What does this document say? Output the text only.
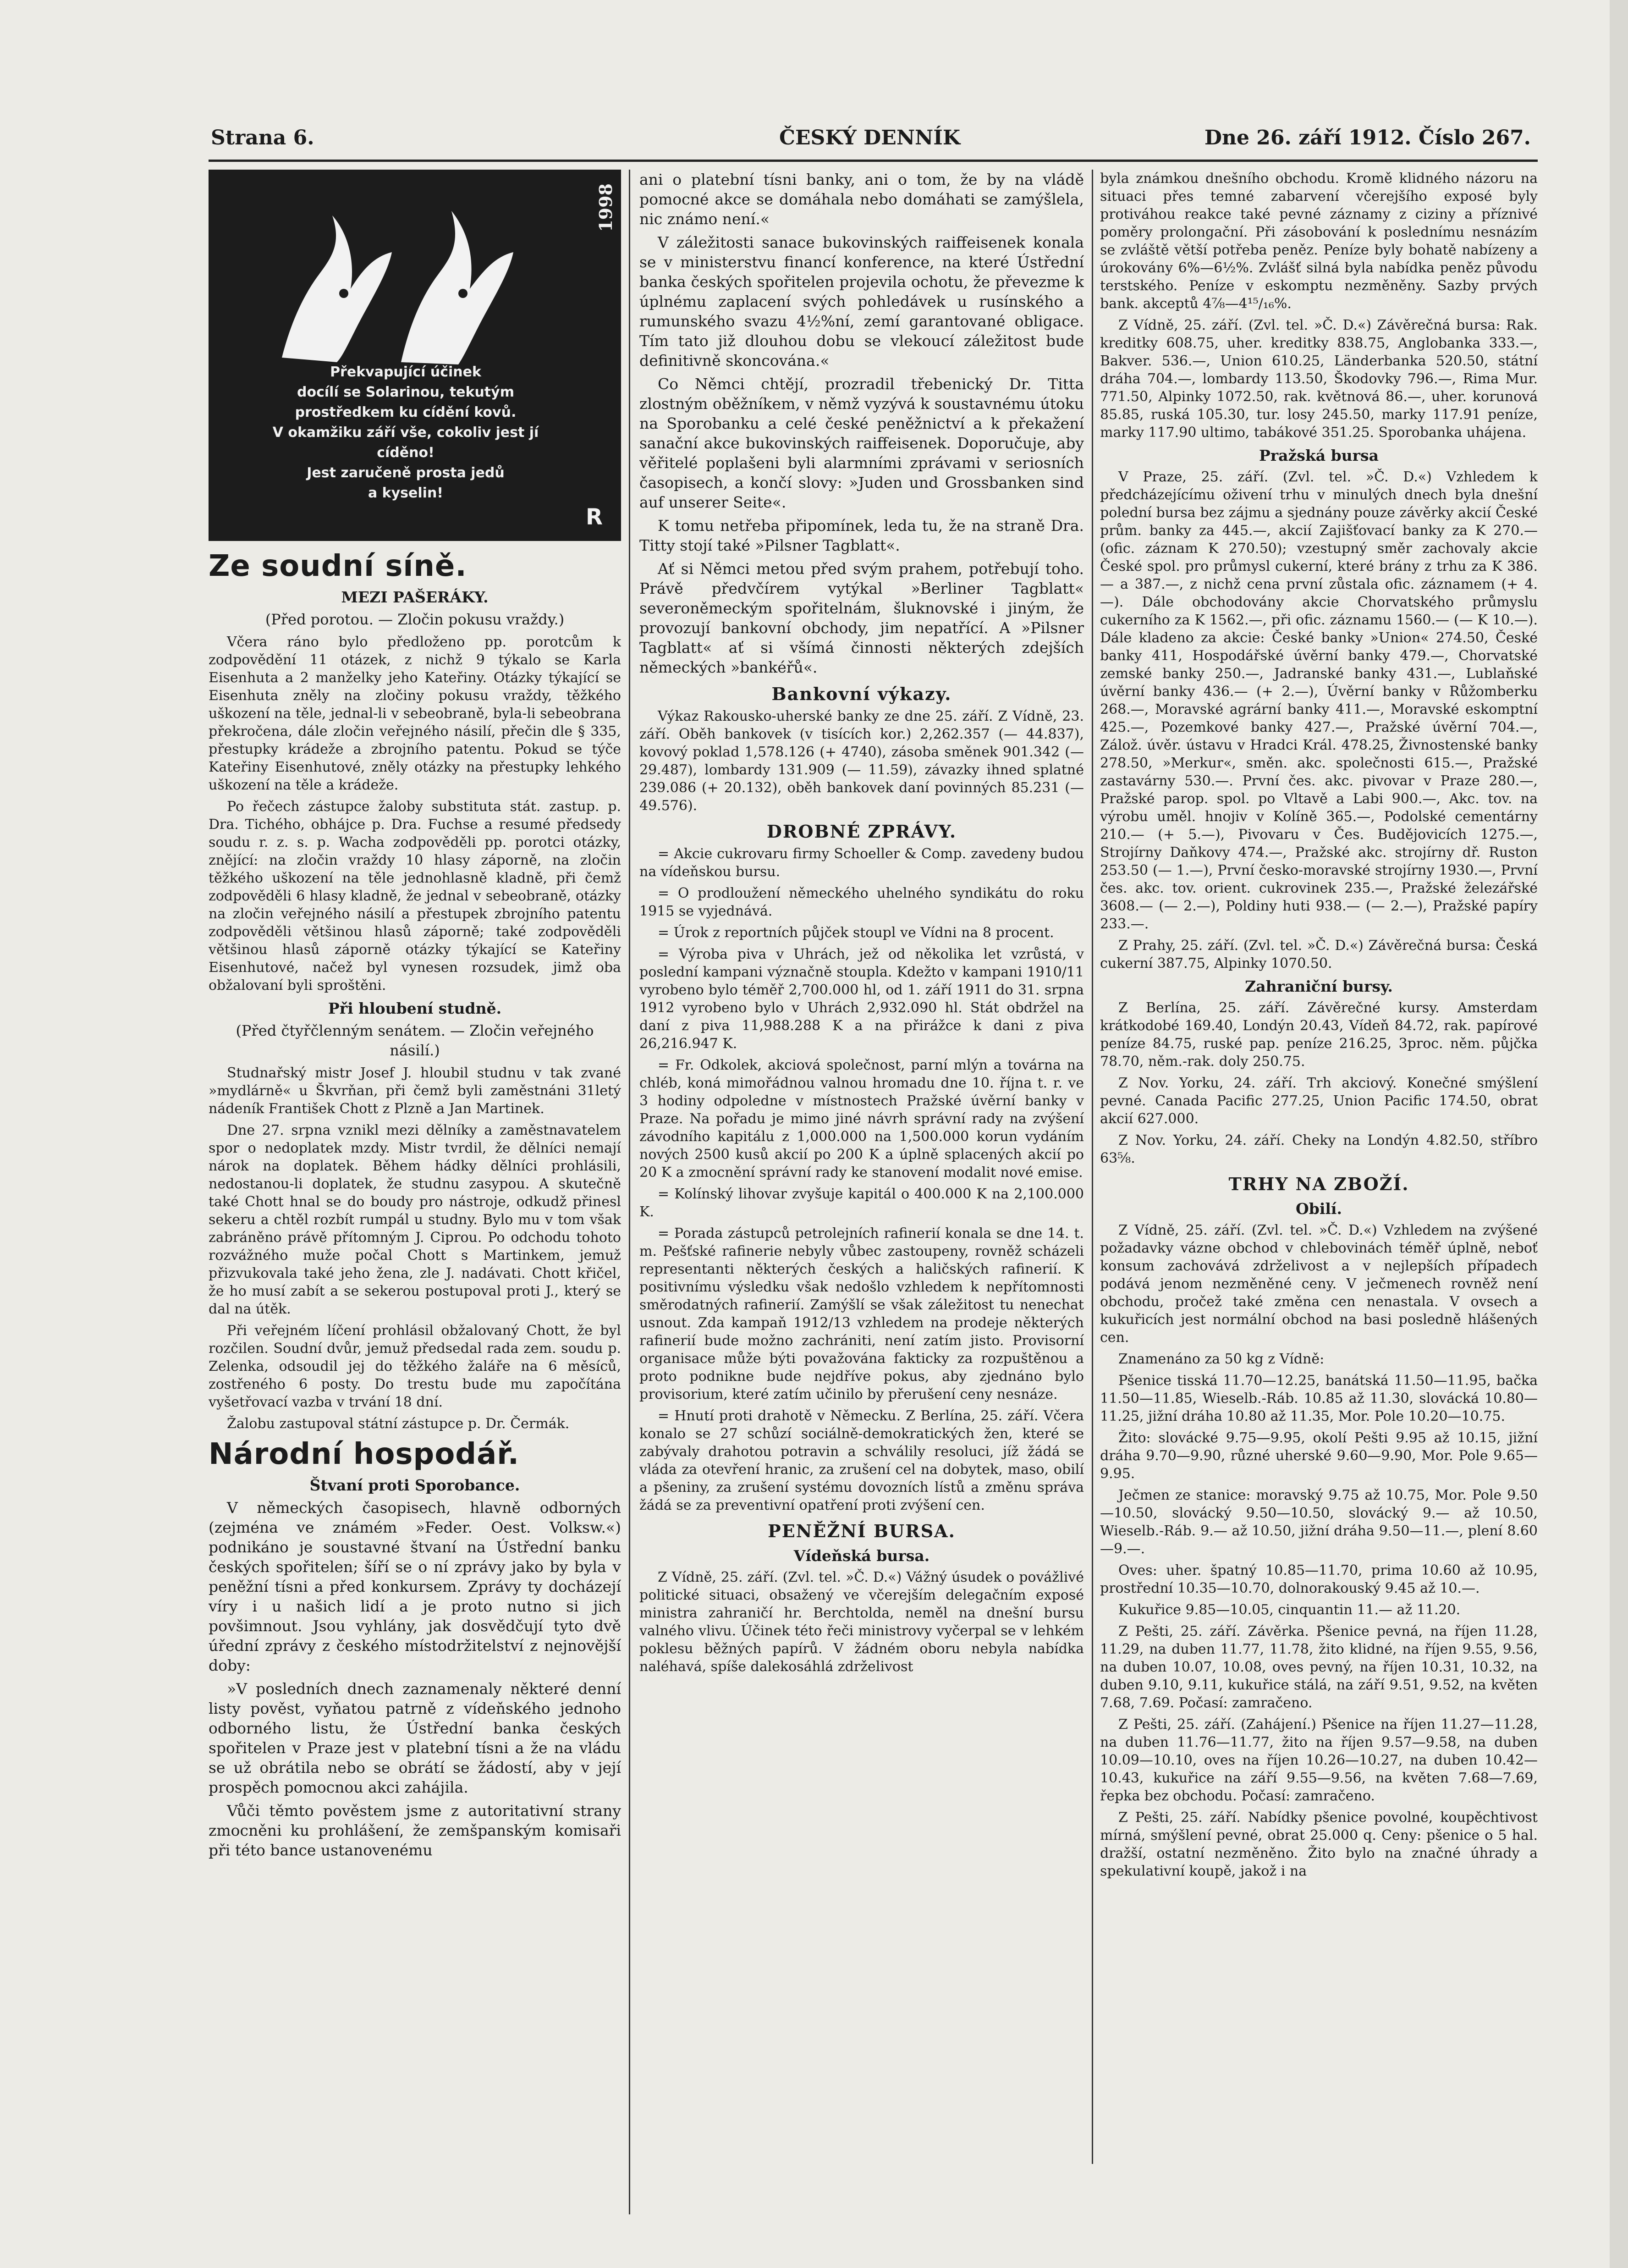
Strana 6.	ČESKÝ DENNÍK	Dne 26. září 1912. Číslo 267.
1998
Překvapující účinek
docílí se Solarinou, tekutým
prostředkem ku cídění kovů.
V okamžiku září vše, cokoliv jest jí
cíděno!
Jest zaručeně prosta jedů
a kyselin!
R
Ze soudní síně.
MEZI PAŠERÁKY.
(Před porotou. — Zločin pokusu vraždy.)

Včera ráno bylo předloženo pp. porotcům k zodpovědění 11 otázek, z nichž 9 týkalo se Karla Eisenhuta a 2 manželky jeho Kateřiny. Otázky týkající se Eisenhuta zněly na zločiny pokusu vraždy, těžkého uškození na těle, jednal-li v sebeobraně, byla-li sebeobrana překročena, dále zločin veřejného násilí, přečin dle § 335, přestupky krádeže a zbrojního patentu. Pokud se týče Kateřiny Eisenhutové, zněly otázky na přestupky lehkého uškození na těle a krádeže.

Po řečech zástupce žaloby substituta stát. zastup. p. Dra. Tichého, obhájce p. Dra. Fuchse a resumé předsedy soudu r. z. s. p. Wacha zodpověděli pp. porotci otázky, znějící: na zločin vraždy 10 hlasy záporně, na zločin těžkého uškození na těle jednohlasně kladně, při čemž zodpověděli 6 hlasy kladně, že jednal v sebeobraně, otázky na zločin veřejného násilí a přestupek zbrojního patentu zodpověděli většinou hlasů záporně; také zodpověděli většinou hlasů záporně otázky týkající se Kateřiny Eisenhutové, načež byl vynesen rozsudek, jimž oba obžalovaní byli sproštěni.

Při hloubení studně.
(Před čtyřčlenným senátem. — Zločin veřejného násilí.)

Studnařský mistr Josef J. hloubil studnu v tak zvané »mydlárně« u Škvrňan, při čemž byli zaměstnáni 31letý nádeník František Chott z Plzně a Jan Martinek.

Dne 27. srpna vznikl mezi dělníky a zaměstnavatelem spor o nedoplatek mzdy. Mistr tvrdil, že dělníci nemají nárok na doplatek. Během hádky dělníci prohlásili, nedostanou-li doplatek, že studnu zasypou. A skutečně také Chott hnal se do boudy pro nástroje, odkudž přinesl sekeru a chtěl rozbít rumpál u studny. Bylo mu v tom však zabráněno právě přítomným J. Ciprou. Po odchodu tohoto rozvážného muže počal Chott s Martinkem, jemuž přizvukovala také jeho žena, zle J. nadávati. Chott křičel, že ho musí zabít a se sekerou postupoval proti J., který se dal na útěk.

Při veřejném líčení prohlásil obžalovaný Chott, že byl rozčilen. Soudní dvůr, jemuž předsedal rada zem. soudu p. Zelenka, odsoudil jej do těžkého žaláře na 6 měsíců, zostřeného 6 posty. Do trestu bude mu započítána vyšetřovací vazba v trvání 18 dní.

Žalobu zastupoval státní zástupce p. Dr. Čermák.

Národní hospodář.
Štvaní proti Sporobance.

V německých časopisech, hlavně odborných (zejména ve známém »Feder. Oest. Volksw.«) podnikáno je soustavné štvaní na Ústřední banku českých spořitelen; šíří se o ní zprávy jako by byla v peněžní tísni a před konkursem. Zprávy ty docházejí víry i u našich lidí a je proto nutno si jich povšimnout. Jsou vyhlány, jak dosvědčují tyto dvě úřední zprávy z českého místodržitelství z nejnovější doby:

»V posledních dnech zaznamenaly některé denní listy pověst, vyňatou patrně z vídeňského jednoho odborného listu, že Ústřední banka českých spořitelen v Praze jest v platební tísni a že na vládu se už obrátila nebo se obrátí se žádostí, aby v její prospěch pomocnou akci zahájila.

Vůči těmto pověstem jsme z autoritativní strany zmocněni ku prohlášení, že zemšpanským komisaři při této bance ustanovenému

ani o platební tísni banky, ani o tom, že by na vládě pomocné akce se domáhala nebo domáhati se zamýšlela, nic známo není.«

V záležitosti sanace bukovinských raiffeisenek konala se v ministerstvu financí konference, na které Ústřední banka českých spořitelen projevila ochotu, že převezme k úplnému zaplacení svých pohledávek u rusínského a rumunského svazu 4½%ní, zemí garantované obligace. Tím tato již dlouhou dobu se vlekoucí záležitost bude definitivně skoncována.«

Co Němci chtějí, prozradil třebenický Dr. Titta zlostným oběžníkem, v němž vyzývá k soustavnému útoku na Sporobanku a celé české peněžnictví a k překažení sanační akce bukovinských raiffeisenek. Doporučuje, aby věřitelé poplašeni byli alarmními zprávami v seriosních časopisech, a končí slovy: »Juden und Grossbanken sind auf unserer Seite«.

K tomu netřeba připomínek, leda tu, že na straně Dra. Titty stojí také »Pilsner Tagblatt«.

Ať si Němci metou před svým prahem, potřebují toho. Právě předvčírem vytýkal »Berliner Tagblatt« severoněmeckým spořitelnám, šluknovské i jiným, že provozují bankovní obchody, jim nepatřící. A »Pilsner Tagblatt« ať si všímá činnosti některých zdejších německých »bankéřů«.

Bankovní výkazy.

Výkaz Rakousko-uherské banky ze dne 25. září. Z Vídně, 23. září. Oběh bankovek (v tisících kor.) 2,262.357 (— 44.837), kovový poklad 1,578.126 (+ 4740), zásoba směnek 901.342 (— 29.487), lombardy 131.909 (— 11.59), závazky ihned splatné 239.086 (+ 20.132), oběh bankovek daní povinných 85.231 (— 49.576).

DROBNÉ ZPRÁVY.

= Akcie cukrovaru firmy Schoeller & Comp. zavedeny budou na vídeňskou bursu.

= O prodloužení německého uhelného syndikátu do roku 1915 se vyjednává.

= Úrok z reportních půjček stoupl ve Vídni na 8 procent.

= Výroba piva v Uhrách, jež od několika let vzrůstá, v poslední kampani význačně stoupla. Kdežto v kampani 1910/11 vyrobeno bylo téměř 2,700.000 hl, od 1. září 1911 do 31. srpna 1912 vyrobeno bylo v Uhrách 2,932.090 hl. Stát obdržel na daní z piva 11,988.288 K a na přirážce k dani z piva 26,216.947 K.

= Fr. Odkolek, akciová společnost, parní mlýn a továrna na chléb, koná mimořádnou valnou hromadu dne 10. října t. r. ve 3 hodiny odpoledne v místnostech Pražské úvěrní banky v Praze. Na pořadu je mimo jiné návrh správní rady na zvýšení závodního kapitálu z 1,000.000 na 1,500.000 korun vydáním nových 2500 kusů akcií po 200 K a úplně splacených akcií po 20 K a zmocnění správní rady ke stanovení modalit nové emise.

= Kolínský lihovar zvyšuje kapitál o 400.000 K na 2,100.000 K.

= Porada zástupců petrolejních rafinerií konala se dne 14. t. m. Pešťské rafinerie nebyly vůbec zastoupeny, rovněž scházeli representanti některých českých a haličských rafinerií. K positivnímu výsledku však nedošlo vzhledem k nepřítomnosti směrodatných rafinerií. Zamýšlí se však záležitost tu nenechat usnout. Zda kampaň 1912/13 vzhledem na prodeje některých rafinerií bude možno zachrániti, není zatím jisto. Provisorní organisace může býti považována fakticky za rozpuštěnou a proto podnikne bude nejdříve pokus, aby zjednáno bylo provisorium, které zatím učinilo by přerušení ceny nesnáze.

= Hnutí proti drahotě v Německu. Z Berlína, 25. září. Včera konalo se 27 schůzí sociálně-demokratických žen, které se zabývaly drahotou potravin a schválily resoluci, jíž žádá se vláda za otevření hranic, za zrušení cel na dobytek, maso, obilí a pšeniny, za zrušení systému dovozních lístů a změnu správa žádá se za preventivní opatření proti zvýšení cen.

PENĚŽNÍ BURSA.
Vídeňská bursa.

Z Vídně, 25. září. (Zvl. tel. »Č. D.«) Vážný úsudek o povážlivé politické situaci, obsažený ve včerejším delegačním exposé ministra zahraničí hr. Berchtolda, neměl na dnešní bursu valného vlivu. Účinek této řeči ministrovy vyčerpal se v lehkém poklesu běžných papírů. V žádném oboru nebyla nabídka naléhavá, spíše dalekosáhlá zdrželivost

byla známkou dnešního obchodu. Kromě klidného názoru na situaci přes temné zabarvení včerejšího exposé byly protiváhou reakce také pevné záznamy z ciziny a příznivé poměry prolongační. Při zásobování k poslednímu nesnázím se zvláště větší potřeba peněz. Peníze byly bohatě nabízeny a úrokovány 6%—6½%. Zvlášť silná byla nabídka peněz původu terstského. Peníze v eskomptu nezměněny. Sazby prvých bank. akceptů 4⅞—4¹⁵/₁₆%.

Z Vídně, 25. září. (Zvl. tel. »Č. D.«) Závěrečná bursa: Rak. kreditky 608.75, uher. kreditky 838.75, Anglobanka 333.—, Bakver. 536.—, Union 610.25, Länderbanka 520.50, státní dráha 704.—, lombardy 113.50, Škodovky 796.—, Rima Mur. 771.50, Alpinky 1072.50, rak. květnová 86.—, uher. korunová 85.85, ruská 105.30, tur. losy 245.50, marky 117.91 peníze, marky 117.90 ultimo, tabákové 351.25. Sporobanka uhájena.

Pražská bursa

V Praze, 25. září. (Zvl. tel. »Č. D.«) Vzhledem k předcházejícímu oživení trhu v minulých dnech byla dnešní polední bursa bez zájmu a sjednány pouze závěrky akcií České prům. banky za 445.—, akcií Zajišťovací banky za K 270.— (ofic. záznam K 270.50); vzestupný směr zachovaly akcie České spol. pro průmysl cukerní, které brány z trhu za K 386.— a 387.—, z nichž cena první zůstala ofic. záznamem (+ 4.—). Dále obchodovány akcie Chorvatského průmyslu cukerního za K 1562.—, při ofic. záznamu 1560.— (— K 10.—). Dále kladeno za akcie: České banky »Union« 274.50, České banky 411, Hospodářské úvěrní banky 479.—, Chorvatské zemské banky 250.—, Jadranské banky 431.—, Lublaňské úvěrní banky 436.— (+ 2.—), Úvěrní banky v Růžomberku 268.—, Moravské agrární banky 411.—, Moravské eskomptní 425.—, Pozemkové banky 427.—, Pražské úvěrní 704.—, Zálož. úvěr. ústavu v Hradci Král. 478.25, Živnostenské banky 278.50, »Merkur«, směn. akc. společnosti 615.—, Pražské zastavárny 530.—. První čes. akc. pivovar v Praze 280.—, Pražské parop. spol. po Vltavě a Labi 900.—, Akc. tov. na výrobu uměl. hnojiv v Kolíně 365.—, Podolské cementárny 210.— (+ 5.—), Pivovaru v Čes. Budějovicích 1275.—, Strojírny Daňkovy 474.—, Pražské akc. strojírny dř. Ruston 253.50 (— 1.—), První česko-moravské strojírny 1930.—, První čes. akc. tov. orient. cukrovinek 235.—, Pražské železářské 3608.— (— 2.—), Poldiny huti 938.— (— 2.—), Pražské papíry 233.—.

Z Prahy, 25. září. (Zvl. tel. »Č. D.«) Závěrečná bursa: Česká cukerní 387.75, Alpinky 1070.50.

Zahraniční bursy.

Z Berlína, 25. září. Závěrečné kursy. Amsterdam krátkodobé 169.40, Londýn 20.43, Vídeň 84.72, rak. papírové peníze 84.75, ruské pap. peníze 216.25, 3proc. něm. půjčka 78.70, něm.-rak. doly 250.75.

Z Nov. Yorku, 24. září. Trh akciový. Konečné smýšlení pevné. Canada Pacific 277.25, Union Pacific 174.50, obrat akcií 627.000.

Z Nov. Yorku, 24. září. Cheky na Londýn 4.82.50, stříbro 63⅝.

TRHY NA ZBOŽÍ.
Obilí.

Z Vídně, 25. září. (Zvl. tel. »Č. D.«) Vzhledem na zvýšené požadavky vázne obchod v chlebovinách téměř úplně, neboť konsum zachovává zdrželivost a v nejlepších případech podává jenom nezměněné ceny. V ječmenech rovněž není obchodu, pročež také změna cen nenastala. V ovsech a kukuřicích jest normální obchod na basi posledně hlášených cen.

Znamenáno za 50 kg z Vídně:

Pšenice tisská 11.70—12.25, banátská 11.50—11.95, bačka 11.50—11.85, Wieselb.-Ráb. 10.85 až 11.30, slovácká 10.80—11.25, jižní dráha 10.80 až 11.35, Mor. Pole 10.20—10.75.

Žito: slovácké 9.75—9.95, okolí Pešti 9.95 až 10.15, jižní dráha 9.70—9.90, různé uherské 9.60—9.90, Mor. Pole 9.65—9.95.

Ječmen ze stanice: moravský 9.75 až 10.75, Mor. Pole 9.50—10.50, slovácký 9.50—10.50, slovácký 9.— až 10.50, Wieselb.-Ráb. 9.— až 10.50, jižní dráha 9.50—11.—, plení 8.60—9.—.

Oves: uher. špatný 10.85—11.70, prima 10.60 až 10.95, prostřední 10.35—10.70, dolnorakouský 9.45 až 10.—.

Kukuřice 9.85—10.05, cinquantin 11.— až 11.20.

Z Pešti, 25. září. Závěrka. Pšenice pevná, na říjen 11.28, 11.29, na duben 11.77, 11.78, žito klidné, na říjen 9.55, 9.56, na duben 10.07, 10.08, oves pevný, na říjen 10.31, 10.32, na duben 9.10, 9.11, kukuřice stálá, na září 9.51, 9.52, na květen 7.68, 7.69. Počasí: zamračeno.

Z Pešti, 25. září. (Zahájení.) Pšenice na říjen 11.27—11.28, na duben 11.76—11.77, žito na říjen 9.57—9.58, na duben 10.09—10.10, oves na říjen 10.26—10.27, na duben 10.42—10.43, kukuřice na září 9.55—9.56, na květen 7.68—7.69, řepka bez obchodu. Počasí: zamračeno.

Z Pešti, 25. září. Nabídky pšenice povolné, koupěchtivost mírná, smýšlení pevné, obrat 25.000 q. Ceny: pšenice o 5 hal. dražší, ostatní nezměněno. Žito bylo na značné úhrady a spekulativní koupě, jakož i na
